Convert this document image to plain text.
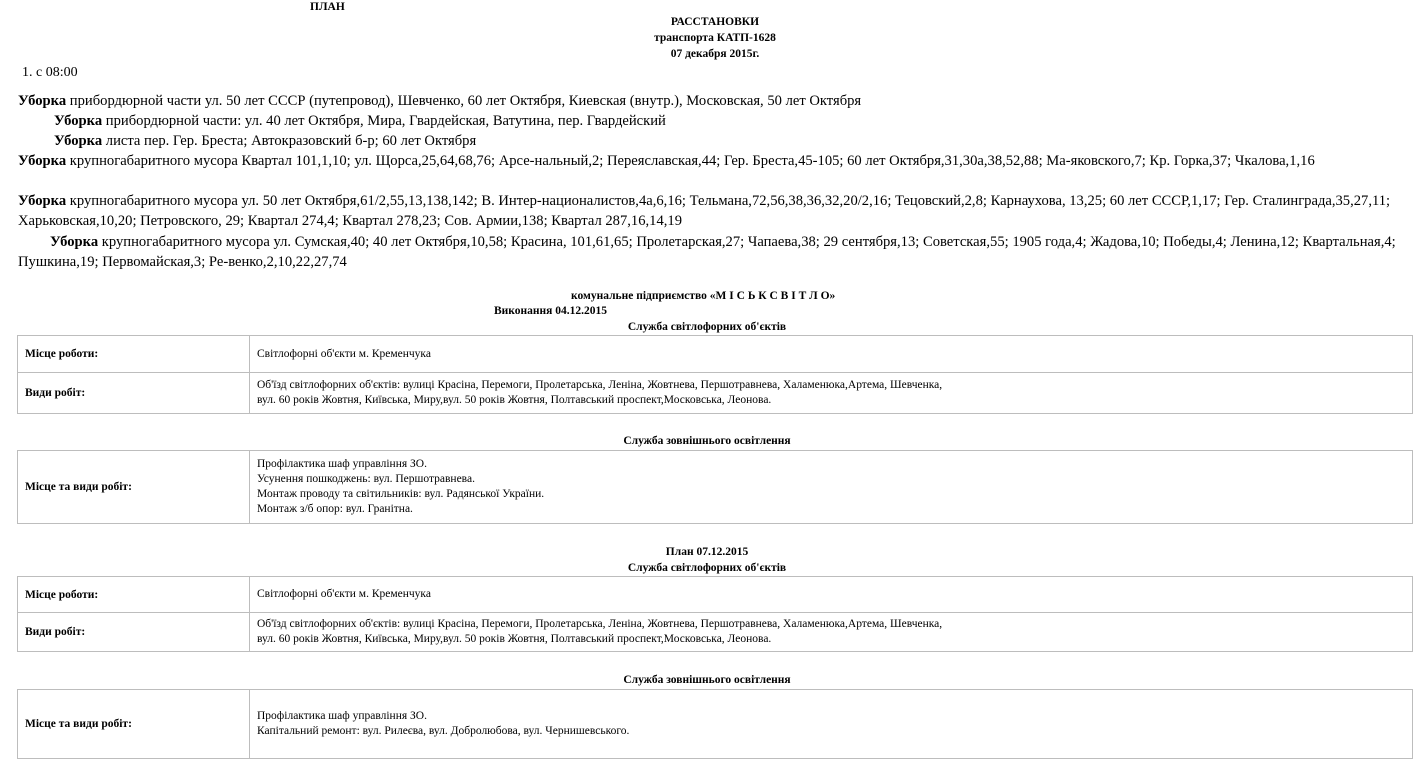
ПЛАН
РАССТАНОВКИ
транспорта КАТП-1628
07 декабря 2015г.
1. с 08:00
Уборка прибордюрной части ул. 50 лет СССР (путепровод), Шевченко, 60 лет Октября, Киевская (внутр.), Московская, 50 лет Октября
Уборка прибордюрной части: ул. 40 лет Октября, Мира, Гвардейская, Ватутина, пер. Гвардейский
Уборка листа пер. Гер. Бреста; Автокразовский б-р; 60 лет Октября
Уборка крупногабаритного мусора Квартал 101,1,10; ул. Щорса,25,64,68,76; Арсе-нальный,2; Переяславская,44; Гер. Бреста,45-105; 60 лет Октября,31,30а,38,52,88; Ма-яковского,7; Кр. Горка,37; Чкалова,1,16
Уборка крупногабаритного мусора ул. 50 лет Октября,61/2,55,13,138,142; В. Интер-националистов,4а,6,16; Тельмана,72,56,38,36,32,20/2,16; Тецовский,2,8; Карнаухова, 13,25; 60 лет СССР,1,17; Гер. Сталинграда,35,27,11; Харьковская,10,20; Петровского, 29; Квартал 274,4; Квартал 278,23; Сов. Армии,138; Квартал 287,16,14,19
Уборка крупногабаритного мусора ул. Сумская,40; 40 лет Октября,10,58; Красина, 101,61,65; Пролетарская,27; Чапаева,38; 29 сентября,13; Советская,55; 1905 года,4; Жадова,10; Победы,4; Ленина,12; Квартальная,4; Пушкина,19; Первомайская,3; Ре-венко,2,10,22,27,74
комунальне підприємство «М І С Ь К С В І Т Л О»
Виконання 04.12.2015
Служба світлофорних об'єктів
Місце роботи:	Світлофорні об'єкти м. Кременчука
Види робіт:
Об'їзд світлофорних об'єктів: вулиці Красіна, Перемоги, Пролетарська, Леніна, Жовтнева, Першотравнева, Халаменюка,Артема, Шевченка,
вул. 60 років Жовтня, Київська, Миру,вул. 50 років Жовтня, Полтавський проспект,Московська, Леонова.
Служба зовнішнього освітлення
Місце та види робіт:
Профілактика шаф управління ЗО.
Усунення пошкоджень: вул. Першотравнева.
Монтаж проводу та світильників: вул. Радянської України.
Монтаж з/б опор: вул. Гранітна.
План 07.12.2015
Служба світлофорних об'єктів
Місце роботи:	Світлофорні об'єкти м. Кременчука
Види робіт:
Об'їзд світлофорних об'єктів: вулиці Красіна, Перемоги, Пролетарська, Леніна, Жовтнева, Першотравнева, Халаменюка,Артема, Шевченка,
вул. 60 років Жовтня, Київська, Миру,вул. 50 років Жовтня, Полтавський проспект,Московська, Леонова.
Служба зовнішнього освітлення
Місце та види робіт:
Профілактика шаф управління ЗО.
Капітальний ремонт: вул. Рилеєва, вул. Добролюбова, вул. Чернишевського.
